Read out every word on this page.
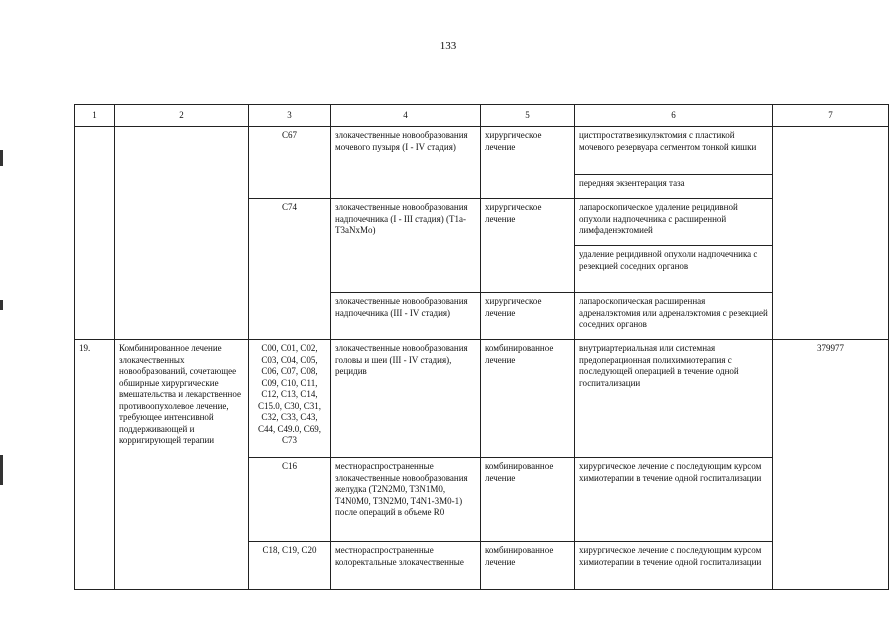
133
1	2	3	4	5	6	7
		C67	злокачественные новообразования мочевого пузыря (I - IV стадия)	хирургическое лечение	цистпростатвезикулэктомия с пластикой мочевого резервуара сегментом тонкой кишки	
					передняя экзентерация таза	
		C74	злокачественные новообразования надпочечника (I - III стадия) (T1a-T3aNxMo)	хирургическое лечение	лапароскопическое удаление рецидивной опухоли надпочечника с расширенной лимфаденэктомией	
					удаление рецидивной опухоли надпочечника с резекцией соседних органов	
			злокачественные новообразования надпочечника (III - IV стадия)	хирургическое лечение	лапароскопическая расширенная адреналэктомия или адреналэктомия с резекцией соседних органов	
19.	Комбинированное лечение злокачественных новообразований, сочетающее обширные хирургические вмешательства и лекарственное противоопухолевое лечение, требующее интенсивной поддерживающей и корригирующей терапии	C00, C01, C02, C03, C04, C05, C06, C07, C08, C09, C10, C11, C12, C13, C14, C15.0, C30, C31, C32, C33, C43, C44, C49.0, C69, C73	злокачественные новообразования головы и шеи (III - IV стадия), рецидив	комбинированное лечение	внутриартериальная или системная предоперационная полихимиотерапия с последующей операцией в течение одной госпитализации	379977
		C16	местнораспространенные злокачественные новообразования желудка (T2N2M0, T3N1M0, T4N0M0, T3N2M0, T4N1-3M0-1) после операций в объеме R0	комбинированное лечение	хирургическое лечение с последующим курсом химиотерапии в течение одной госпитализации	
		C18, C19, C20	местнораспространенные колоректальные злокачественные	комбинированное лечение	хирургическое лечение с последующим курсом химиотерапии в течение одной госпитализации	
